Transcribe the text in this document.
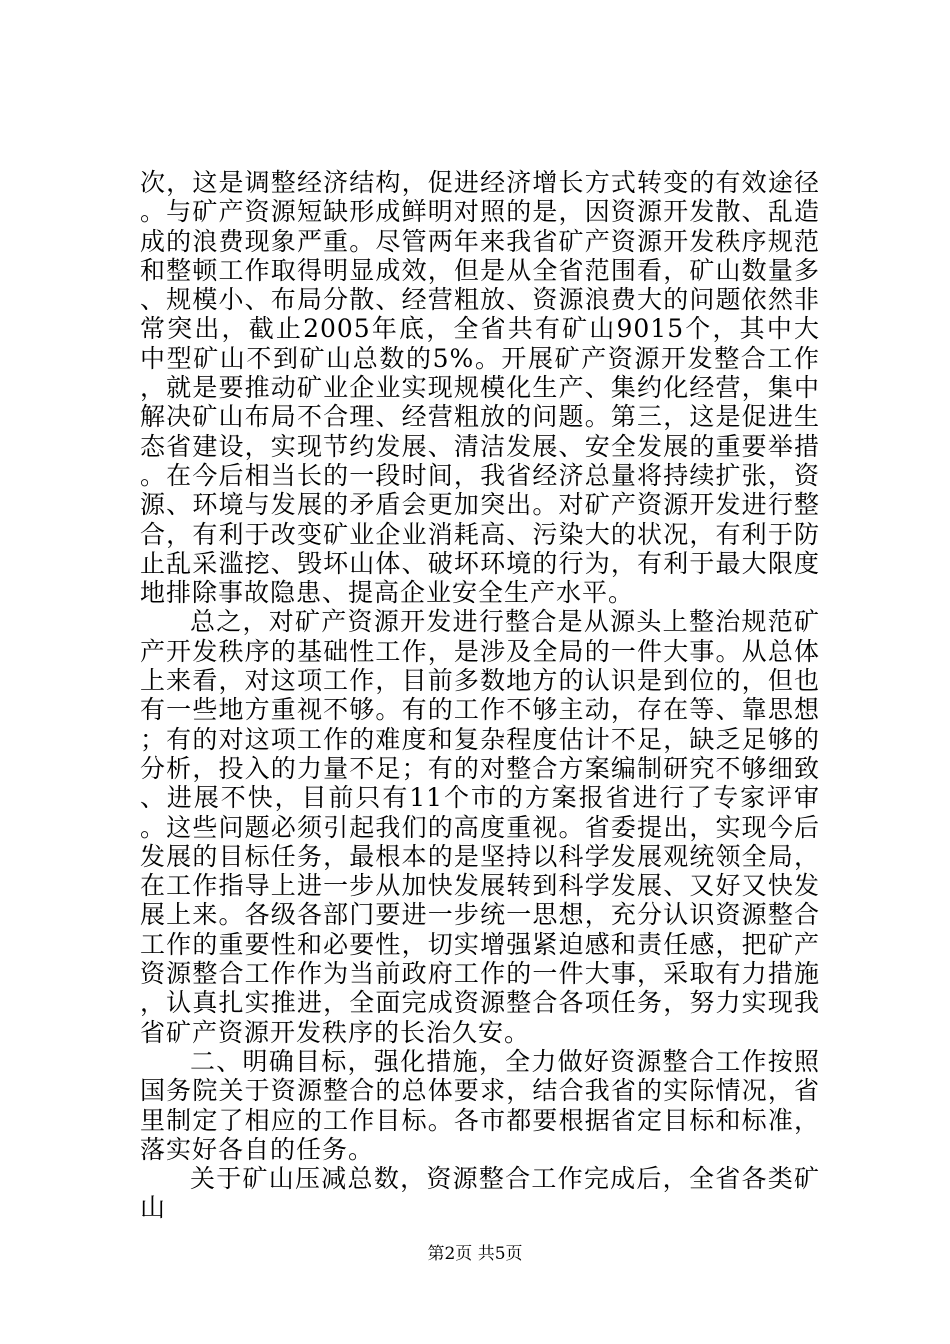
次，这是调整经济结构，促进经济增长方式转变的有效途径。与矿产资源短缺形成鲜明对照的是，因资源开发散、乱造成的浪费现象严重。尽管两年来我省矿产资源开发秩序规范和整顿工作取得明显成效，但是从全省范围看，矿山数量多、规模小、布局分散、经营粗放、资源浪费大的问题依然非常突出，截止2005年底，全省共有矿山9015个，其中大中型矿山不到矿山总数的5%。开展矿产资源开发整合工作，就是要推动矿业企业实现规模化生产、集约化经营，集中解决矿山布局不合理、经营粗放的问题。第三，这是促进生态省建设，实现节约发展、清洁发展、安全发展的重要举措。在今后相当长的一段时间，我省经济总量将持续扩张，资源、环境与发展的矛盾会更加突出。对矿产资源开发进行整合，有利于改变矿业企业消耗高、污染大的状况，有利于防止乱采滥挖、毁坏山体、破坏环境的行为，有利于最大限度地排除事故隐患、提高企业安全生产水平。

总之，对矿产资源开发进行整合是从源头上整治规范矿产开发秩序的基础性工作，是涉及全局的一件大事。从总体上来看，对这项工作，目前多数地方的认识是到位的，但也有一些地方重视不够。有的工作不够主动，存在等、靠思想；有的对这项工作的难度和复杂程度估计不足，缺乏足够的分析，投入的力量不足；有的对整合方案编制研究不够细致、进展不快，目前只有11个市的方案报省进行了专家评审。这些问题必须引起我们的高度重视。省委提出，实现今后发展的目标任务，最根本的是坚持以科学发展观统领全局，在工作指导上进一步从加快发展转到科学发展、又好又快发展上来。各级各部门要进一步统一思想，充分认识资源整合工作的重要性和必要性，切实增强紧迫感和责任感，把矿产资源整合工作作为当前政府工作的一件大事，采取有力措施，认真扎实推进，全面完成资源整合各项任务，努力实现我省矿产资源开发秩序的长治久安。

二、明确目标，强化措施，全力做好资源整合工作按照国务院关于资源整合的总体要求，结合我省的实际情况，省里制定了相应的工作目标。各市都要根据省定目标和标准，落实好各自的任务。

关于矿山压减总数，资源整合工作完成后，全省各类矿山

第2页 共5页
